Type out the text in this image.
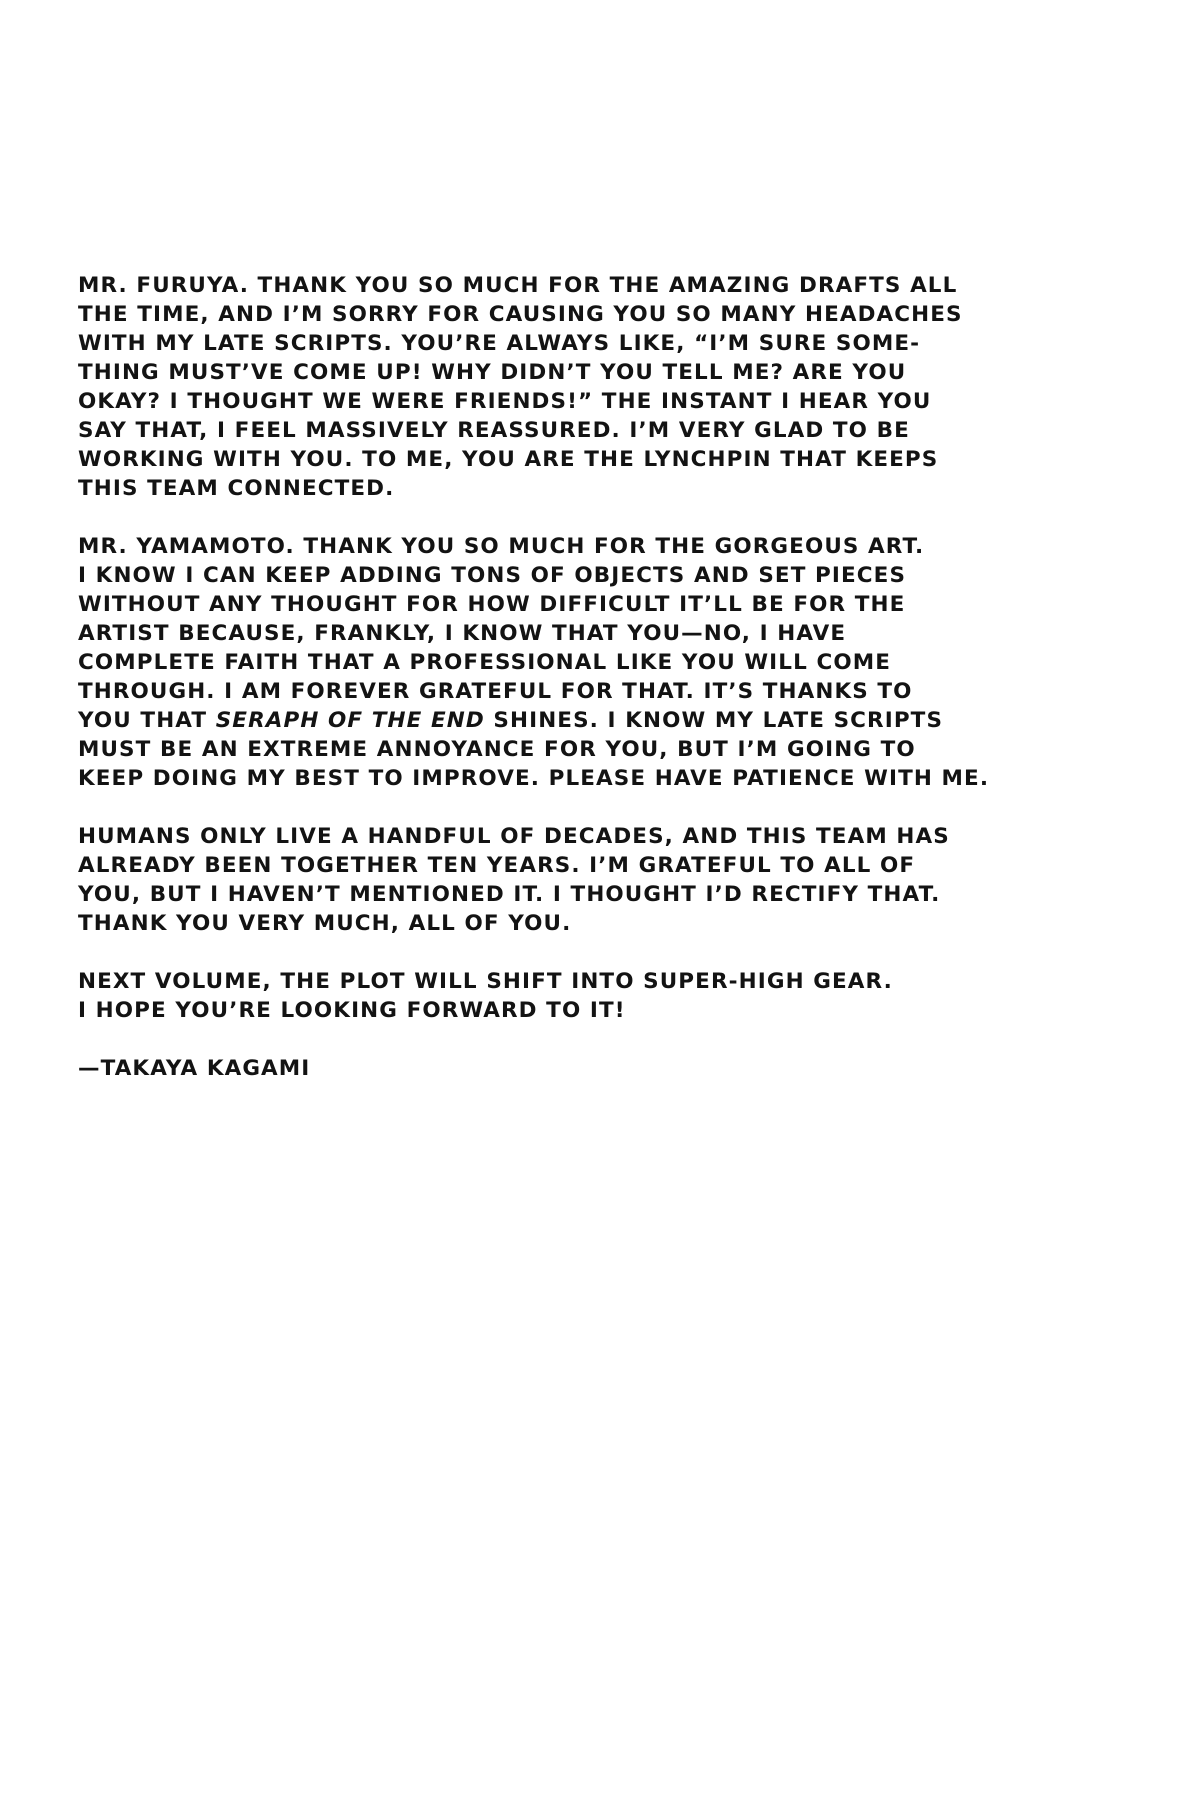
MR. FURUYA. THANK YOU SO MUCH FOR THE AMAZING DRAFTS ALL
THE TIME, AND I’M SORRY FOR CAUSING YOU SO MANY HEADACHES
WITH MY LATE SCRIPTS. YOU’RE ALWAYS LIKE, “I’M SURE SOME-
THING MUST’VE COME UP! WHY DIDN’T YOU TELL ME? ARE YOU
OKAY? I THOUGHT WE WERE FRIENDS!” THE INSTANT I HEAR YOU
SAY THAT, I FEEL MASSIVELY REASSURED. I’M VERY GLAD TO BE
WORKING WITH YOU. TO ME, YOU ARE THE LYNCHPIN THAT KEEPS
THIS TEAM CONNECTED.
MR. YAMAMOTO. THANK YOU SO MUCH FOR THE GORGEOUS ART.
I KNOW I CAN KEEP ADDING TONS OF OBJECTS AND SET PIECES
WITHOUT ANY THOUGHT FOR HOW DIFFICULT IT’LL BE FOR THE
ARTIST BECAUSE, FRANKLY, I KNOW THAT YOU—NO, I HAVE
COMPLETE FAITH THAT A PROFESSIONAL LIKE YOU WILL COME
THROUGH. I AM FOREVER GRATEFUL FOR THAT. IT’S THANKS TO
YOU THAT SERAPH OF THE END SHINES. I KNOW MY LATE SCRIPTS
MUST BE AN EXTREME ANNOYANCE FOR YOU, BUT I’M GOING TO
KEEP DOING MY BEST TO IMPROVE. PLEASE HAVE PATIENCE WITH ME.
HUMANS ONLY LIVE A HANDFUL OF DECADES, AND THIS TEAM HAS
ALREADY BEEN TOGETHER TEN YEARS. I’M GRATEFUL TO ALL OF
YOU, BUT I HAVEN’T MENTIONED IT. I THOUGHT I’D RECTIFY THAT.
THANK YOU VERY MUCH, ALL OF YOU.
NEXT VOLUME, THE PLOT WILL SHIFT INTO SUPER-HIGH GEAR.
I HOPE YOU’RE LOOKING FORWARD TO IT!
—TAKAYA KAGAMI
